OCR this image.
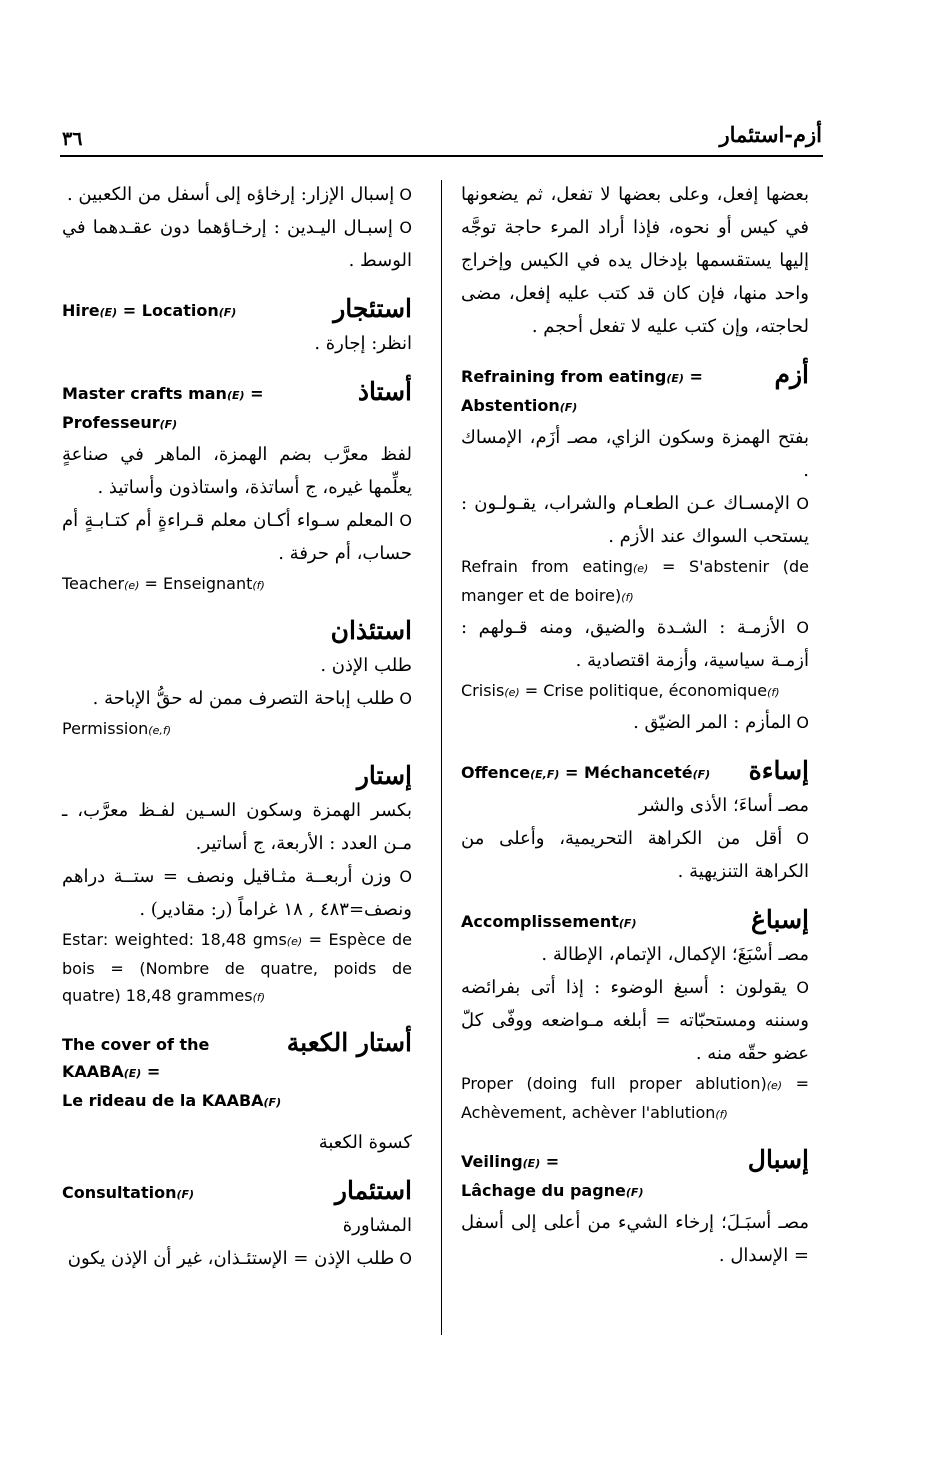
٣٦	أزم-استئمار

بعضها إفعل، وعلى بعضها لا تفعل، ثم يضعونها في كيس أو نحوه، فإذا أراد المرء حاجة توجَّه إليها يستقسمها بإدخال يده في الكيس وإخراج واحد منها، فإن كان قد كتب عليه إفعل، مضى لحاجته، وإن كتب عليه لا تفعل أحجم .

Refraining from eating(E) =
Abstention(F)
أزم

بفتح الهمزة وسكون الزاي، مصـ أزَم، الإمساك .

O الإمسـاك عـن الطعـام والشراب، يقـولـون : يستحب السواك عند الأزم .

Refrain from eating(e) = S'abstenir (de manger et de boire)(f)

O الأزمـة : الشـدة والضيق، ومنه قـولهم : أزمـة سياسية، وأزمة اقتصادية .

Crisis(e) = Crise politique, économique(f)

O المأزم : المر الضيّق .

Offence(E,F) = Méchanceté(F) إساءة

مصـ أساءَ؛ الأذى والشر

O أقل من الكراهة التحريمية، وأعلى من الكراهة التنزيهية .

Accomplissement(F)	إسباغ

مصـ أسْبَغَ؛ الإكمال، الإتمام، الإطالة .

O يقولون : أسبغ الوضوء : إذا أتى بفرائضه وسننه ومستحبّاته = أبلغه مـواضعه ووفّى كلّ عضو حقّه منه .

Proper (doing full proper ablution)(e) = Achèvement, achèver l'ablution(f)

Veiling(E) =
Lâchage du pagne(F)
إسبال

مصـ أسبَـلَ؛ إرخاء الشيء من أعلى إلى أسفل = الإسدال .

O إسبال الإزار: إرخاؤه إلى أسفل من الكعبين .

O إسبـال اليـدين : إرخـاؤهما دون عقـدهما في الوسط .

Hire(E) = Location(F)	استئجار

انظر: إجارة .

Master crafts man(E) =
Professeur(F)
أستاذ

لفظ معرَّب بضم الهمزة، الماهر في صناعةٍ يعلِّمها غيره، ج أساتذة، واستاذون وأساتيذ .

O المعلم سـواء أكـان معلم قـراءةٍ أم كتـابـةٍ أم حساب، أم حرفة .

Teacher(e) = Enseignant(f)

استئذان

طلب الإذن .

O طلب إباحة التصرف ممن له حقُّ الإباحة .

Permission(e,f)

إستار

بكسر الهمزة وسكون السـين لفـظ معرَّب، ـ مـن العدد : الأربعة، ج أساتير.

O وزن أربعــة مثـاقيل ونصف = ستــة دراهم ونصف=٤٨٣ , ١٨ غراماً (ر: مقادير) .

Estar: weighted: 18,48 gms(e) = Espèce de bois = (Nombre de quatre, poids de quatre) 18,48 grammes(f)

The cover of the
KAABA(E) =
Le rideau de la KAABA(F)
أستار الكعبة

كسوة الكعبة

Consultation(F)	استئمار

المشاورة

O طلب الإذن = الإستئـذان، غير أن الإذن يكون
